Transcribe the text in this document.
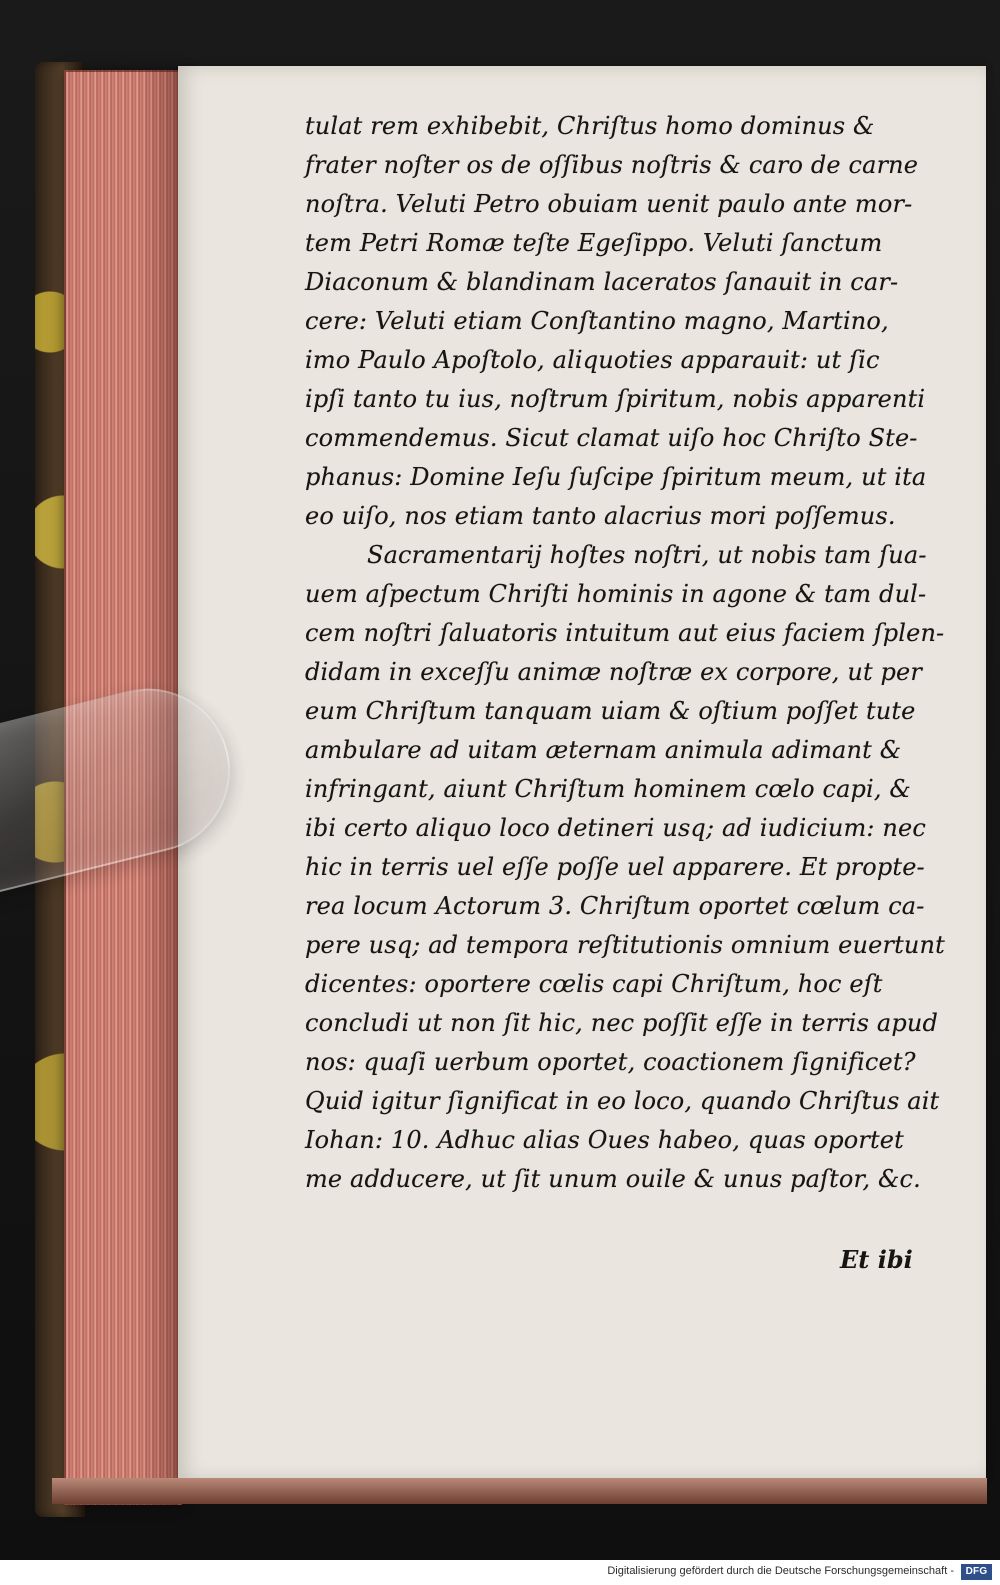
tulat rem exhibebit, Chriſtus homo dominus &
frater noſter os de oſſibus noſtris & caro de carne
noſtra. Veluti Petro obuiam uenit paulo ante mor-
tem Petri Romæ teſte Egeſippo. Veluti ſanctum
Diaconum & blandinam laceratos ſanauit in car-
cere: Veluti etiam Conſtantino magno, Martino,
imo Paulo Apoſtolo, aliquoties apparauit: ut ſic
ipſi tanto tu ius, noſtrum ſpiritum, nobis apparenti
commendemus. Sicut clamat uiſo hoc Chriſto Ste-
phanus: Domine Ieſu ſuſcipe ſpiritum meum, ut ita
eo uiſo, nos etiam tanto alacrius mori poſſemus.
Sacramentarij hoſtes noſtri, ut nobis tam ſua-
uem aſpectum Chriſti hominis in agone & tam dul-
cem noſtri ſaluatoris intuitum aut eius faciem ſplen-
didam in exceſſu animæ noſtræ ex corpore, ut per
eum Chriſtum tanquam uiam & oſtium poſſet tute
ambulare ad uitam æternam animula adimant &
infringant, aiunt Chriſtum hominem cœlo capi, &
ibi certo aliquo loco detineri usq; ad iudicium: nec
hic in terris uel eſſe poſſe uel apparere. Et propte-
rea locum Actorum 3. Chriſtum oportet cœlum ca-
pere usq; ad tempora reſtitutionis omnium euertunt
dicentes: oportere cœlis capi Chriſtum, hoc eſt
concludi ut non ſit hic, nec poſſit eſſe in terris apud
nos: quaſi uerbum oportet, coactionem ſignificet?
Quid igitur ſignificat in eo loco, quando Chriſtus ait
Iohan: 10. Adhuc alias Oues habeo, quas oportet
me adducere, ut ſit unum ouile & unus paſtor, &c.
Et ibi
Digitalisierung gefördert durch die Deutsche Forschungsgemeinschaft -	DFG
